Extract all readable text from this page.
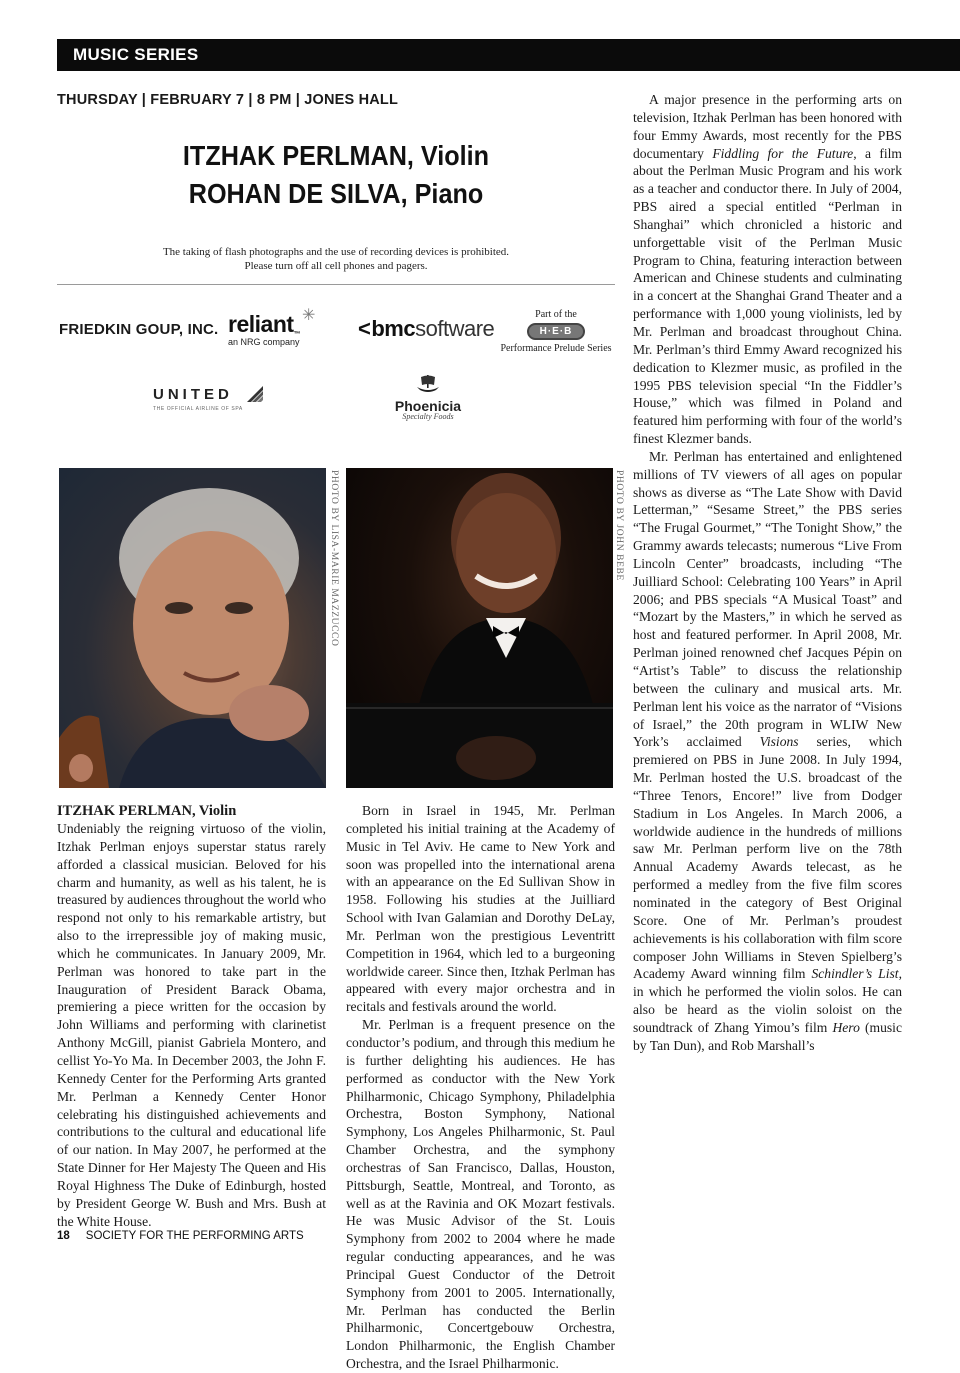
MUSIC SERIES
THURSDAY | FEBRUARY 7 | 8 PM | JONES HALL
ITZHAK PERLMAN, Violin
ROHAN DE SILVA, Piano
The taking of flash photographs and the use of recording devices is prohibited.
Please turn off all cell phones and pagers.
FRIEDKIN GOUP, INC. reliant™
✳
an NRG company
<bmcsoftware
Part of the
H·E·B
Performance Prelude Series
UNITED
THE OFFICIAL AIRLINE OF SPA	Phoenicia
Specialty Foods
PHOTO BY LISA-MARIE MAZZUCCO	PHOTO BY JOHN BEBE
ITZHAK PERLMAN, Violin

Undeniably the reigning virtuoso of the violin, Itzhak Perlman enjoys superstar status rarely afforded a classical musician. Beloved for his charm and humanity, as well as his talent, he is treasured by audiences throughout the world who respond not only to his remarkable artistry, but also to the irrepressible joy of making music, which he communicates. In January 2009, Mr. Perlman was honored to take part in the Inauguration of President Barack Obama, premiering a piece written for the occasion by John Williams and performing with clarinetist Anthony McGill, pianist Gabriela Montero, and cellist Yo-Yo Ma. In December 2003, the John F. Kennedy Center for the Performing Arts granted Mr. Perlman a Kennedy Center Honor celebrating his distinguished achievements and contributions to the cultural and educational life of our nation. In May 2007, he performed at the State Dinner for Her Majesty The Queen and His Royal Highness The Duke of Edinburgh, hosted by President George W. Bush and Mrs. Bush at the White House.

Born in Israel in 1945, Mr. Perlman completed his initial training at the Academy of Music in Tel Aviv. He came to New York and soon was propelled into the international arena with an appearance on the Ed Sullivan Show in 1958. Following his studies at the Juilliard School with Ivan Galamian and Dorothy DeLay, Mr. Perlman won the prestigious Leventritt Competition in 1964, which led to a burgeoning worldwide career. Since then, Itzhak Perlman has appeared with every major orchestra and in recitals and festivals around the world.

Mr. Perlman is a frequent presence on the conductor’s podium, and through this medium he is further delighting his audiences. He has performed as conductor with the New York Philharmonic, Chicago Symphony, Philadelphia Orchestra, Boston Symphony, National Symphony, Los Angeles Philharmonic, St. Paul Chamber Orchestra, and the symphony orchestras of San Francisco, Dallas, Houston, Pittsburgh, Seattle, Montreal, and Toronto, as well as at the Ravinia and OK Mozart festivals. He was Music Advisor of the St. Louis Symphony from 2002 to 2004 where he made regular conducting appearances, and he was Principal Guest Conductor of the Detroit Symphony from 2001 to 2005. Internationally, Mr. Perlman has conducted the Berlin Philharmonic, Concertgebouw Orchestra, London Philharmonic, the English Chamber Orchestra, and the Israel Philharmonic.

A major presence in the performing arts on television, Itzhak Perlman has been honored with four Emmy Awards, most recently for the PBS documentary Fiddling for the Future, a film about the Perlman Music Program and his work as a teacher and conductor there. In July of 2004, PBS aired a special entitled “Perlman in Shanghai” which chronicled a historic and unforgettable visit of the Perlman Music Program to China, featuring interaction between American and Chinese students and culminating in a concert at the Shanghai Grand Theater and a performance with 1,000 young violinists, led by Mr. Perlman and broadcast throughout China. Mr. Perlman’s third Emmy Award recognized his dedication to Klezmer music, as profiled in the 1995 PBS television special “In the Fiddler’s House,” which was filmed in Poland and featured him performing with four of the world’s finest Klezmer bands.

Mr. Perlman has entertained and enlightened millions of TV viewers of all ages on popular shows as diverse as “The Late Show with David Letterman,” “Sesame Street,” the PBS series “The Frugal Gourmet,” “The Tonight Show,” the Grammy awards telecasts; numerous “Live From Lincoln Center” broadcasts, including “The Juilliard School: Celebrating 100 Years” in April 2006; and PBS specials “A Musical Toast” and “Mozart by the Masters,” in which he served as host and featured performer. In April 2008, Mr. Perlman joined renowned chef Jacques Pépin on “Artist’s Table” to discuss the relationship between the culinary and musical arts. Mr. Perlman lent his voice as the narrator of “Visions of Israel,” the 20th program in WLIW New York’s acclaimed Visions series, which premiered on PBS in June 2008. In July 1994, Mr. Perlman hosted the U.S. broadcast of the “Three Tenors, Encore!” live from Dodger Stadium in Los Angeles. In March 2006, a worldwide audience in the hundreds of millions saw Mr. Perlman perform live on the 78th Annual Academy Awards telecast, as he performed a medley from the five film scores nominated in the category of Best Original Score. One of Mr. Perlman’s proudest achievements is his collaboration with film score composer John Williams in Steven Spielberg’s Academy Award winning film Schindler’s List, in which he performed the violin solos. He can also be heard as the violin soloist on the soundtrack of Zhang Yimou’s film Hero (music by Tan Dun), and Rob Marshall’s

18 SOCIETY FOR THE PERFORMING ARTS
